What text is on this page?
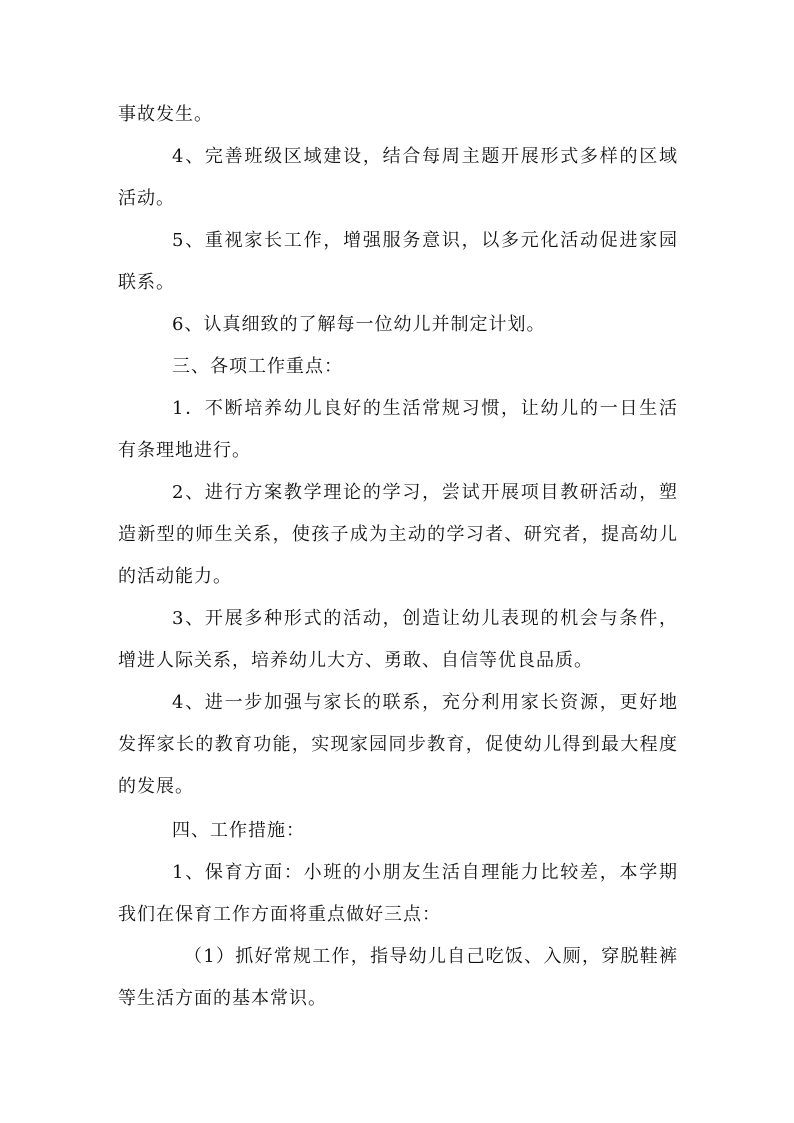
事故发生。

4、完善班级区域建设，结合每周主题开展形式多样的区域活动。

5、重视家长工作，增强服务意识，以多元化活动促进家园联系。

6、认真细致的了解每一位幼儿并制定计划。

三、各项工作重点：

1．不断培养幼儿良好的生活常规习惯，让幼儿的一日生活有条理地进行。

2、进行方案教学理论的学习，尝试开展项目教研活动，塑造新型的师生关系，使孩子成为主动的学习者、研究者，提高幼儿的活动能力。

3、开展多种形式的活动，创造让幼儿表现的机会与条件，增进人际关系，培养幼儿大方、勇敢、自信等优良品质。

4、进一步加强与家长的联系，充分利用家长资源，更好地发挥家长的教育功能，实现家园同步教育，促使幼儿得到最大程度的发展。

四、工作措施：

1、保育方面：小班的小朋友生活自理能力比较差，本学期我们在保育工作方面将重点做好三点：

（1）抓好常规工作，指导幼儿自己吃饭、入厕，穿脱鞋裤等生活方面的基本常识。
